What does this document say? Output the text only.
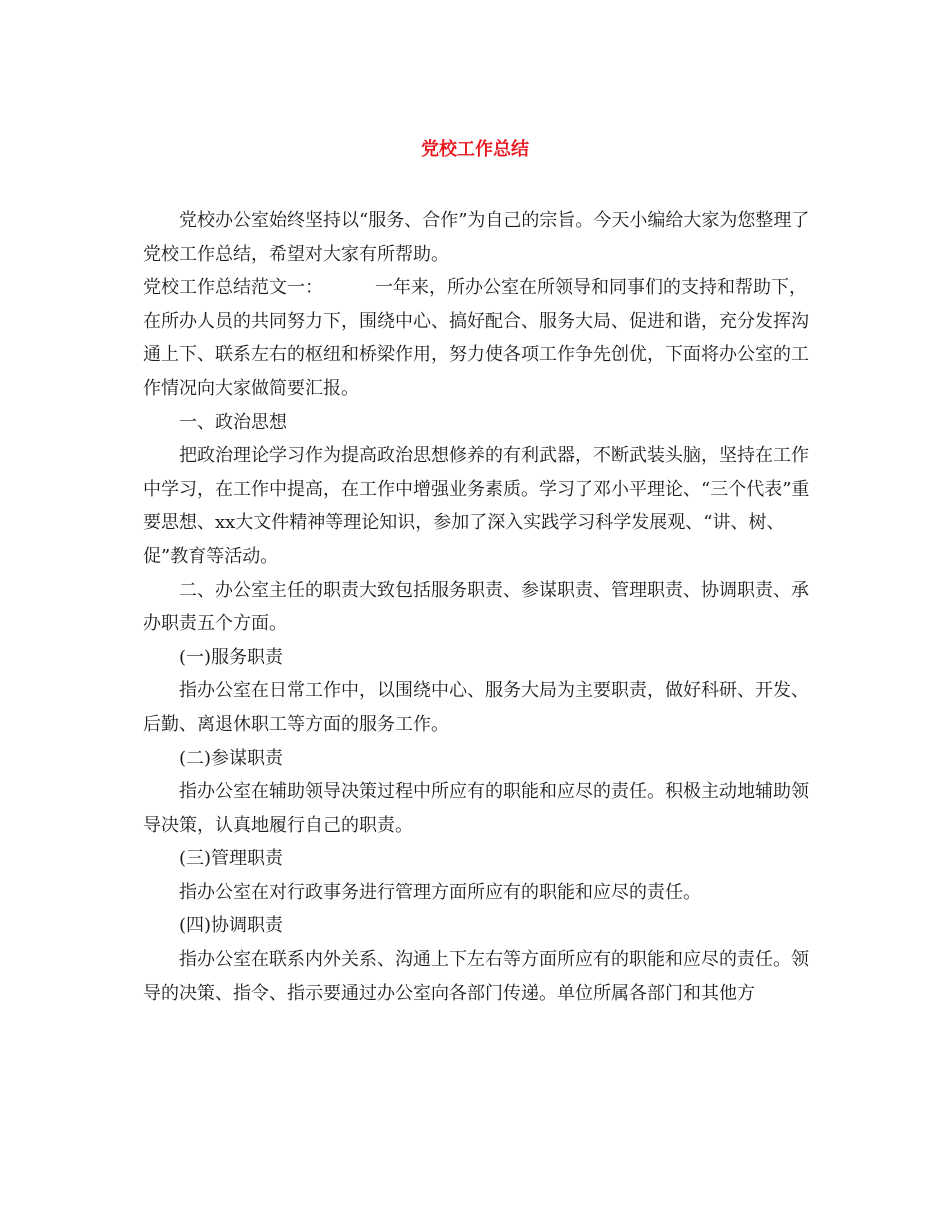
党校工作总结

党校办公室始终坚持以“服务、合作”为自己的宗旨。今天小编给大家为您整理了党校工作总结，希望对大家有所帮助。

党校工作总结范文一：	一年来，所办公室在所领导和同事们的支持和帮助下，在所办人员的共同努力下，围绕中心、搞好配合、服务大局、促进和谐，充分发挥沟通上下、联系左右的枢纽和桥梁作用，努力使各项工作争先创优，下面将办公室的工作情况向大家做简要汇报。

一、政治思想

把政治理论学习作为提高政治思想修养的有利武器，不断武装头脑，坚持在工作中学习，在工作中提高，在工作中增强业务素质。学习了邓小平理论、“三个代表”重要思想、xx大文件精神等理论知识，参加了深入实践学习科学发展观、“讲、树、促”教育等活动。

二、办公室主任的职责大致包括服务职责、参谋职责、管理职责、协调职责、承办职责五个方面。

(一)服务职责

指办公室在日常工作中，以围绕中心、服务大局为主要职责，做好科研、开发、后勤、离退休职工等方面的服务工作。

(二)参谋职责

指办公室在辅助领导决策过程中所应有的职能和应尽的责任。积极主动地辅助领导决策，认真地履行自己的职责。

(三)管理职责

指办公室在对行政事务进行管理方面所应有的职能和应尽的责任。

(四)协调职责

指办公室在联系内外关系、沟通上下左右等方面所应有的职能和应尽的责任。领导的决策、指令、指示要通过办公室向各部门传递。单位所属各部门和其他方
